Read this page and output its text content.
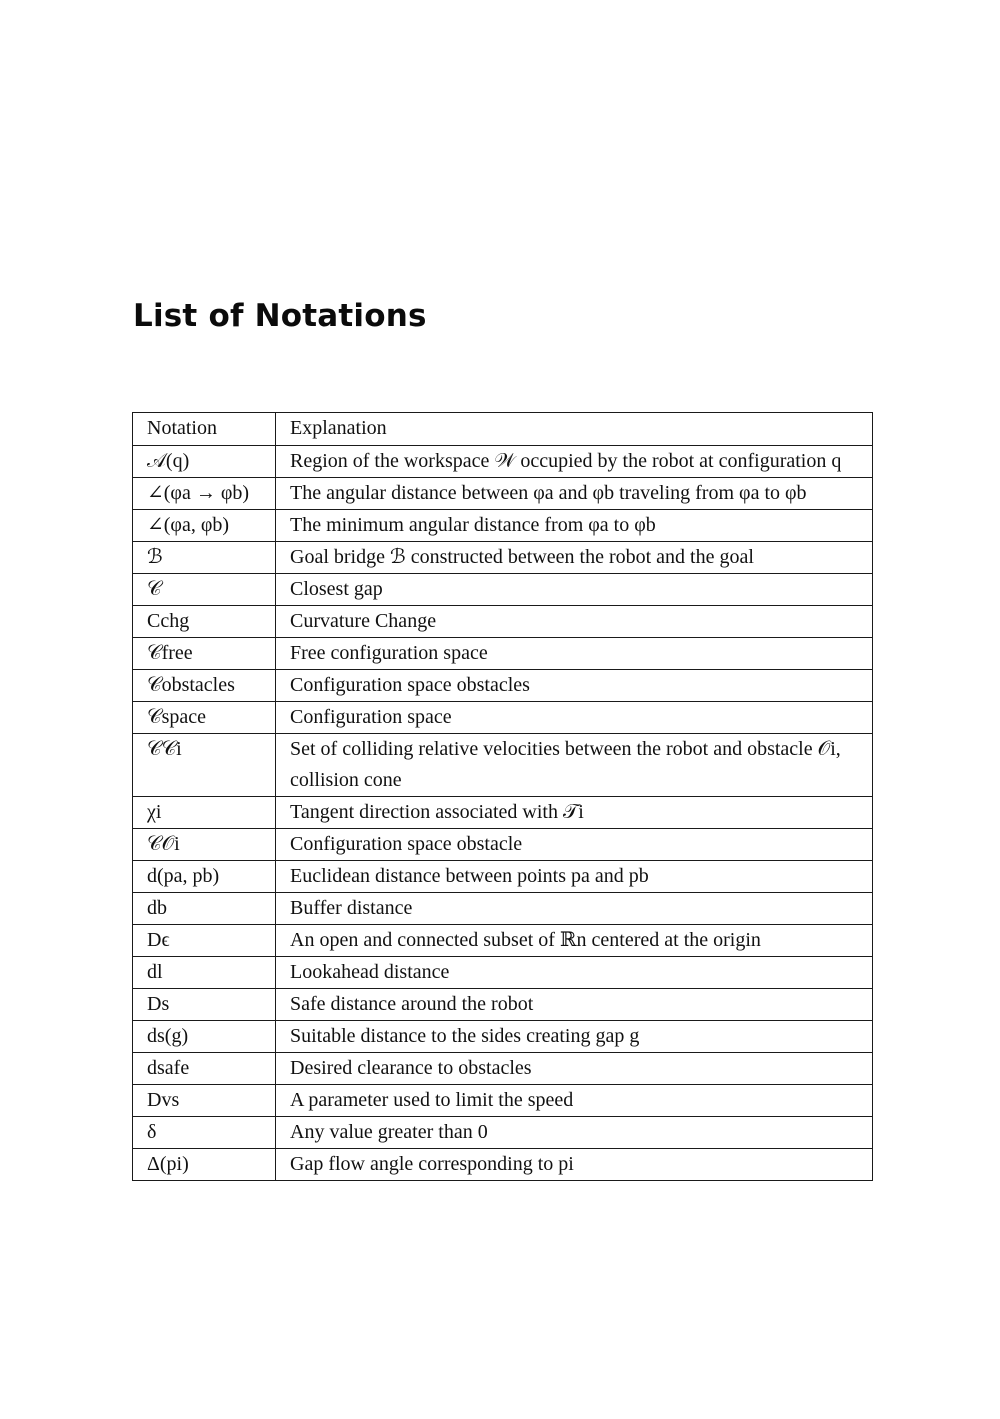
List of Notations
Notation	Explanation
𝒜(q)	Region of the workspace 𝒲 occupied by the robot at configuration q
∠(φa → φb)	The angular distance between φa and φb traveling from φa to φb
∠(φa, φb)	The minimum angular distance from φa to φb
ℬ	Goal bridge ℬ constructed between the robot and the goal
𝒞	Closest gap
Cchg	Curvature Change
𝒞free	Free configuration space
𝒞obstacles	Configuration space obstacles
𝒞space	Configuration space
𝒞𝒞i	Set of colliding relative velocities between the robot and obstacle 𝒪i, collision cone
χi	Tangent direction associated with 𝒯i
𝒞𝒪i	Configuration space obstacle
d(pa, pb)	Euclidean distance between points pa and pb
db	Buffer distance
Dϵ	An open and connected subset of ℝn centered at the origin
dl	Lookahead distance
Ds	Safe distance around the robot
ds(g)	Suitable distance to the sides creating gap g
dsafe	Desired clearance to obstacles
Dvs	A parameter used to limit the speed
δ	Any value greater than 0
Δ(pi)	Gap flow angle corresponding to pi
